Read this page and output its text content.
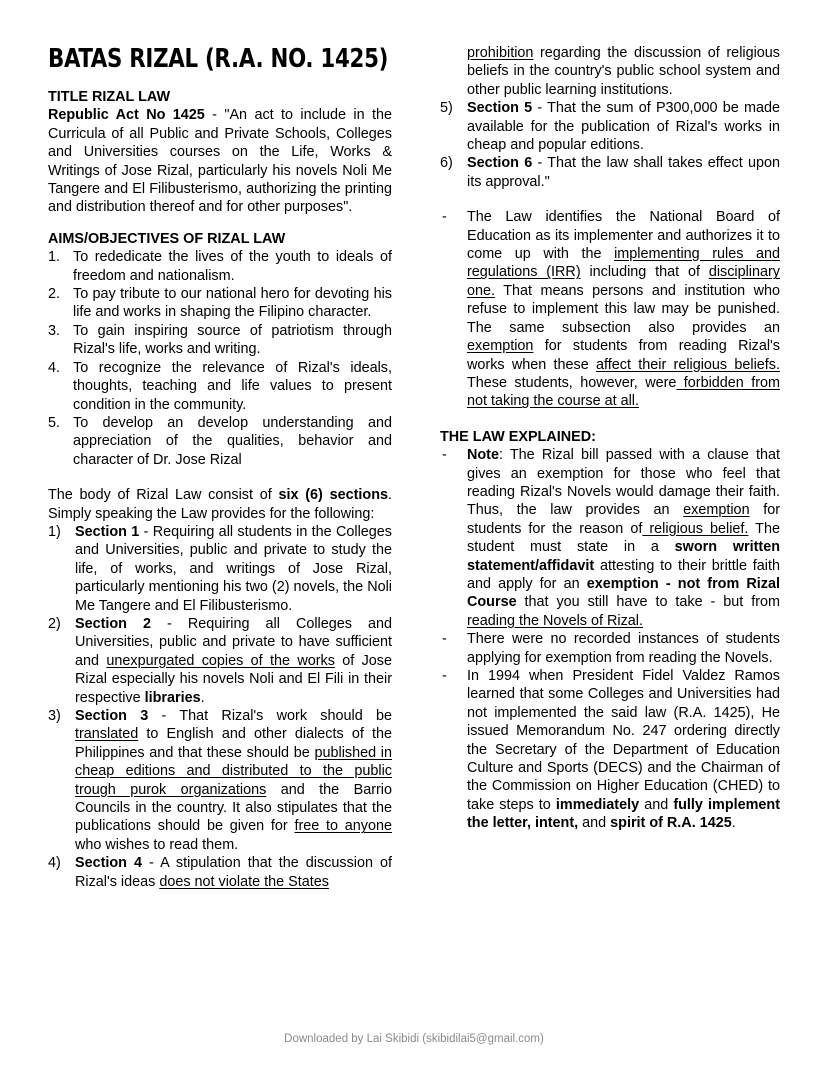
BATAS RIZAL (R.A. NO. 1425)
TITLE RIZAL LAW

Republic Act No 1425 - "An act to include in the Curricula of all Public and Private Schools, Colleges and Universities courses on the Life, Works & Writings of Jose Rizal, particularly his novels Noli Me Tangere and El Filibusterismo, authorizing the printing and distribution thereof and for other purposes".

AIMS/OBJECTIVES OF RIZAL LAW
1. To rededicate the lives of the youth to ideals of freedom and nationalism.
2. To pay tribute to our national hero for devoting his life and works in shaping the Filipino character.
3. To gain inspiring source of patriotism through Rizal's life, works and writing.
4. To recognize the relevance of Rizal's ideals, thoughts, teaching and life values to present condition in the community.
5. To develop an develop understanding and appreciation of the qualities, behavior and character of Dr. Jose Rizal

The body of Rizal Law consist of six (6) sections. Simply speaking the Law provides for the following:

1) Section 1 - Requiring all students in the Colleges and Universities, public and private to study the life, of works, and writings of Jose Rizal, particularly mentioning his two (2) novels, the Noli Me Tangere and El Filibusterismo.
2) Section 2 - Requiring all Colleges and Universities, public and private to have sufficient and unexpurgated copies of the works of Jose Rizal especially his novels Noli and El Fili in their respective libraries.
3) Section 3 - That Rizal's work should be translated to English and other dialects of the Philippines and that these should be published in cheap editions and distributed to the public trough purok organizations and the Barrio Councils in the country. It also stipulates that the publications should be given for free to anyone who wishes to read them.
4) Section 4 - A stipulation that the discussion of Rizal's ideas does not violate the States
prohibition regarding the discussion of religious beliefs in the country's public school system and other public learning institutions.
5) Section 5 - That the sum of P300,000 be made available for the publication of Rizal's works in cheap and popular editions.
6) Section 6 - That the law shall takes effect upon its approval."
-	The Law identifies the National Board of Education as its implementer and authorizes it to come up with the implementing rules and regulations (IRR) including that of disciplinary one. That means persons and institution who refuse to implement this law may be punished. The same subsection also provides an exemption for students from reading Rizal's works when these affect their religious beliefs. These students, however, were forbidden from not taking the course at all.
THE LAW EXPLAINED:
-	Note: The Rizal bill passed with a clause that gives an exemption for those who feel that reading Rizal's Novels would damage their faith. Thus, the law provides an exemption for students for the reason of religious belief. The student must state in a sworn written statement/affidavit attesting to their brittle faith and apply for an exemption - not from Rizal Course that you still have to take - but from reading the Novels of Rizal.
-	There were no recorded instances of students applying for exemption from reading the Novels.
-	In 1994 when President Fidel Valdez Ramos learned that some Colleges and Universities had not implemented the said law (R.A. 1425), He issued Memorandum No. 247 ordering directly the Secretary of the Department of Education Culture and Sports (DECS) and the Chairman of the Commission on Higher Education (CHED) to take steps to immediately and fully implement the letter, intent, and spirit of R.A. 1425.
Downloaded by Lai Skibidi (skibidilai5@gmail.com)
